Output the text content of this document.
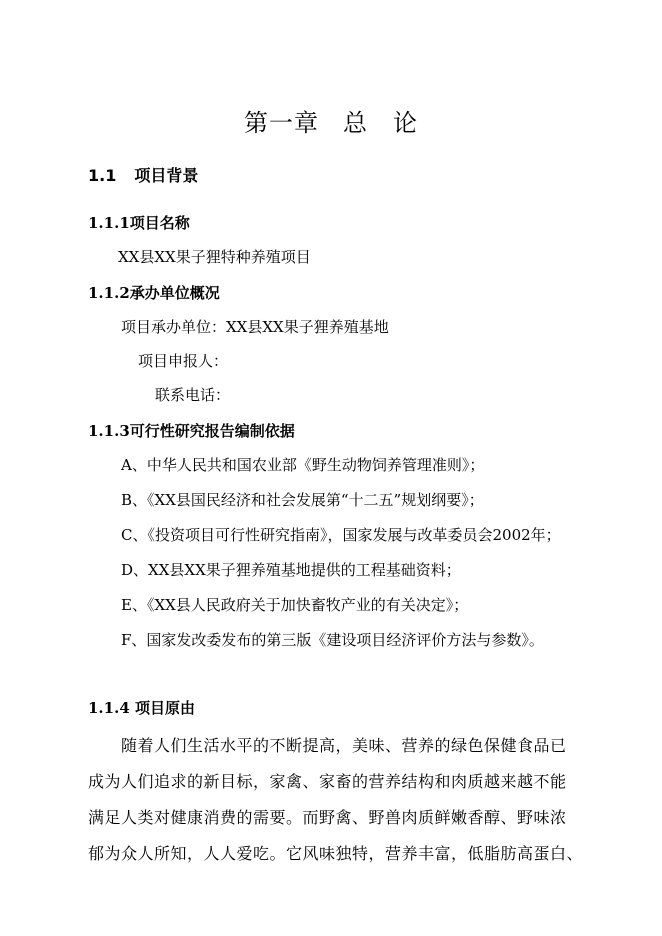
第一章 总　论
1.1 项目背景
1.1.1项目名称
XX县XX果子狸特种养殖项目
1.1.2承办单位概况
项目承办单位：XX县XX果子狸养殖基地
项目申报人：
联系电话：
1.1.3可行性研究报告编制依据
A、中华人民共和国农业部《野生动物饲养管理准则》；
B、《XX县国民经济和社会发展第“十二五”规划纲要》；
C、《投资项目可行性研究指南》，国家发展与改革委员会2002年；
D、XX县XX果子狸养殖基地提供的工程基础资料；
E、《XX县人民政府关于加快畜牧产业的有关决定》；
F、国家发改委发布的第三版《建设项目经济评价方法与参数》。
1.1.4 项目原由
随着人们生活水平的不断提高，美味、营养的绿色保健食品已
成为人们追求的新目标，家禽、家畜的营养结构和肉质越来越不能
满足人类对健康消费的需要。而野禽、野兽肉质鲜嫩香醇、野味浓
郁为众人所知，人人爱吃。它风味独特，营养丰富，低脂肪高蛋白、
